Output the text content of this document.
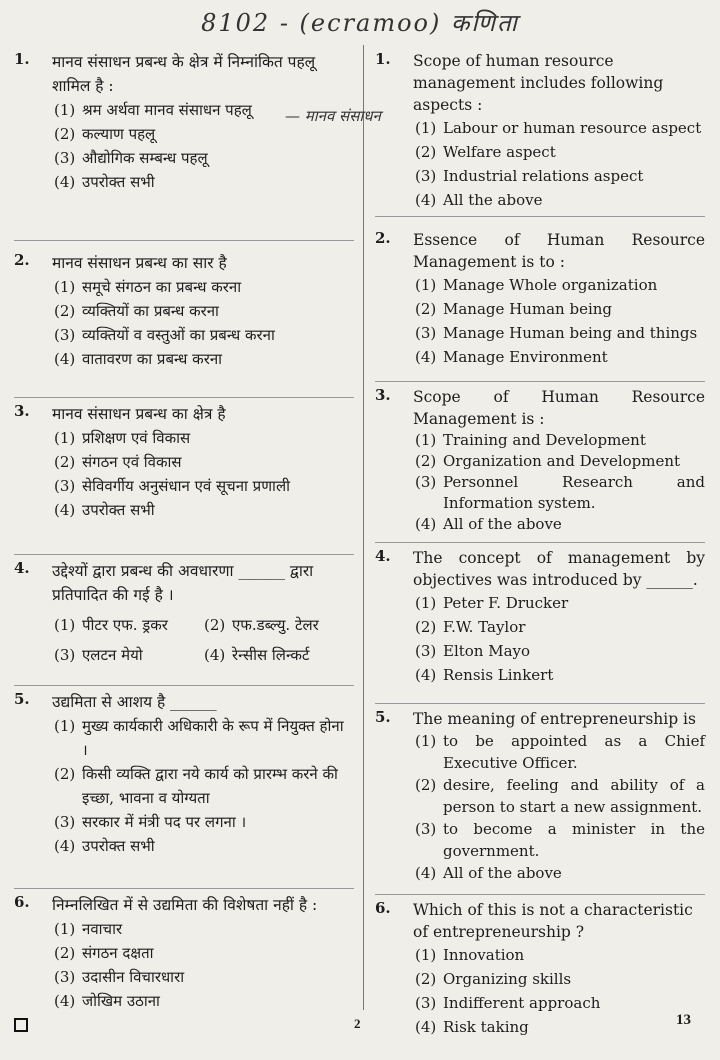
8102 - (ecramoo) कणिता
1.	मानव संसाधन प्रबन्ध के क्षेत्र में निम्नांकित पहलू शामिल है :
(1) श्रम अर्थवा मानव संसाधन पहलू
(2) कल्याण पहलू
(3) औद्योगिक सम्बन्ध पहलू
(4) उपरोक्त सभी
2.	मानव संसाधन प्रबन्ध का सार है
(1) समूचे संगठन का प्रबन्ध करना
(2) व्यक्तियों का प्रबन्ध करना
(3) व्यक्तियों व वस्तुओं का प्रबन्ध करना
(4) वातावरण का प्रबन्ध करना
3.	मानव संसाधन प्रबन्ध का क्षेत्र है
(1) प्रशिक्षण एवं विकास
(2) संगठन एवं विकास
(3) सेविवर्गीय अनुसंधान एवं सूचना प्रणाली
(4) उपरोक्त सभी
4.	उद्देश्यों द्वारा प्रबन्ध की अवधारणा ______ द्वारा प्रतिपादित की गई है ।
(1) पीटर एफ. ड्रकर (2) एफ.डब्ल्यु. टेलर
(3) एलटन मेयो	(4) रेन्सीस लिन्कर्ट
5.	उद्यमिता से आशय है ______
(1) मुख्य कार्यकारी अधिकारी के रूप में नियुक्त होना ।
(2) किसी व्यक्ति द्वारा नये कार्य को प्रारम्भ करने की इच्छा, भावना व योग्यता
(3) सरकार में मंत्री पद पर लगना ।
(4) उपरोक्त सभी
6.	निम्नलिखित में से उद्यमिता की विशेषता नहीं है :
(1) नवाचार
(2) संगठन दक्षता
(3) उदासीन विचारधारा
(4) जोखिम उठाना
— मानव संसाधन
1.	Scope of human resource management includes following aspects :
(1) Labour or human resource aspect
(2) Welfare aspect
(3) Industrial relations aspect
(4) All the above
2.	Essence of Human Resource Management is to :
(1) Manage Whole organization
(2) Manage Human being
(3) Manage Human being and things
(4) Manage Environment
3.	Scope of Human Resource Management is :
(1) Training and Development
(2) Organization and Development
(3) Personnel Research and Information system.
(4) All of the above
4.	The concept of management by objectives was introduced by ______.
(1) Peter F. Drucker
(2) F.W. Taylor
(3) Elton Mayo
(4) Rensis Linkert
5.	The meaning of entrepreneurship is
(1) to be appointed as a Chief Executive Officer.
(2) desire, feeling and ability of a person to start a new assignment.
(3) to become a minister in the government.
(4) All of the above
6.	Which of this is not a characteristic of entrepreneurship ?
(1) Innovation
(2) Organizing skills
(3) Indifferent approach
(4) Risk taking
2	13
